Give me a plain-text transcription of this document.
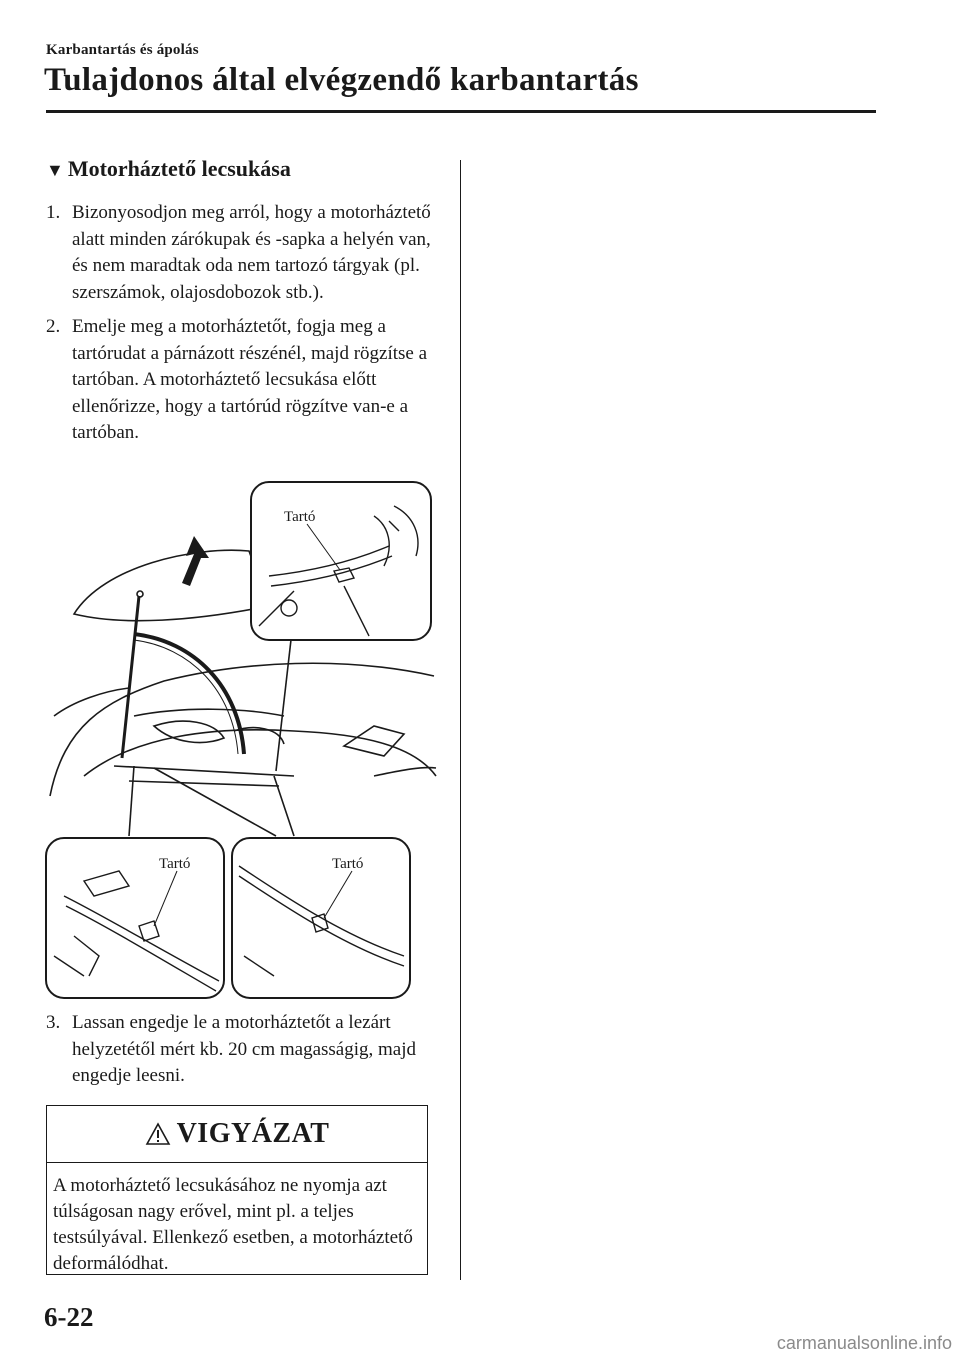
Karbantartás és ápolás
Tulajdonos által elvégzendő karbantartás
▼ Motorháztető lecsukása
1. Bizonyosodjon meg arról, hogy a motorháztető alatt minden zárókupak és -sapka a helyén van, és nem maradtak oda nem tartozó tárgyak (pl. szerszámok, olajosdobozok stb.).
2. Emelje meg a motorháztetőt, fogja meg a tartórudat a párnázott részénél, majd rögzítse a tartóban. A motorháztető lecsukása előtt ellenőrizze, hogy a tartórúd rögzítve van-e a tartóban.
Tartó
Tartó	Tartó
3. Lassan engedje le a motorháztetőt a lezárt helyzetétől mért kb. 20 cm magasságig, majd engedje leesni.
VIGYÁZAT
A motorháztető lecsukásához ne nyomja azt túlságosan nagy erővel, mint pl. a teljes testsúlyával. Ellenkező esetben, a motorháztető deformálódhat.
6-22
carmanualsonline.info
